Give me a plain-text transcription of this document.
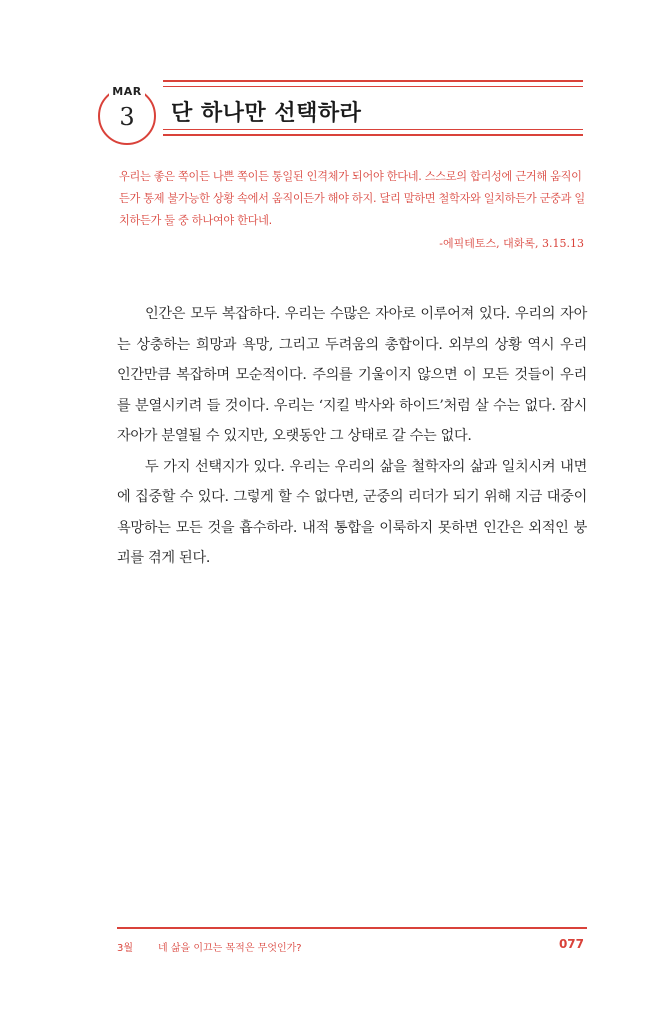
MAR
3	단 하나만 선택하라

우리는 좋은 쪽이든 나쁜 쪽이든 통일된 인격체가 되어야 한다네. 스스로의 합리성에 근거해 움직이든가 통제 불가능한 상황 속에서 움직이든가 해야 하지. 달리 말하면 철학자와 일치하든가 군중과 일치하든가 둘 중 하나여야 한다네.

-에픽테토스, 대화록, 3.15.13

인간은 모두 복잡하다. 우리는 수많은 자아로 이루어져 있다. 우리의 자아는 상충하는 희망과 욕망, 그리고 두려움의 총합이다. 외부의 상황 역시 우리 인간만큼 복잡하며 모순적이다. 주의를 기울이지 않으면 이 모든 것들이 우리를 분열시키려 들 것이다. 우리는 ‘지킬 박사와 하이드’처럼 살 수는 없다. 잠시 자아가 분열될 수 있지만, 오랫동안 그 상태로 갈 수는 없다.

두 가지 선택지가 있다. 우리는 우리의 삶을 철학자의 삶과 일치시켜 내면에 집중할 수 있다. 그렇게 할 수 없다면, 군중의 리더가 되기 위해 지금 대중이 욕망하는 모든 것을 흡수하라. 내적 통합을 이룩하지 못하면 인간은 외적인 붕괴를 겪게 된다.

3월 네 삶을 이끄는 목적은 무엇인가?	077
